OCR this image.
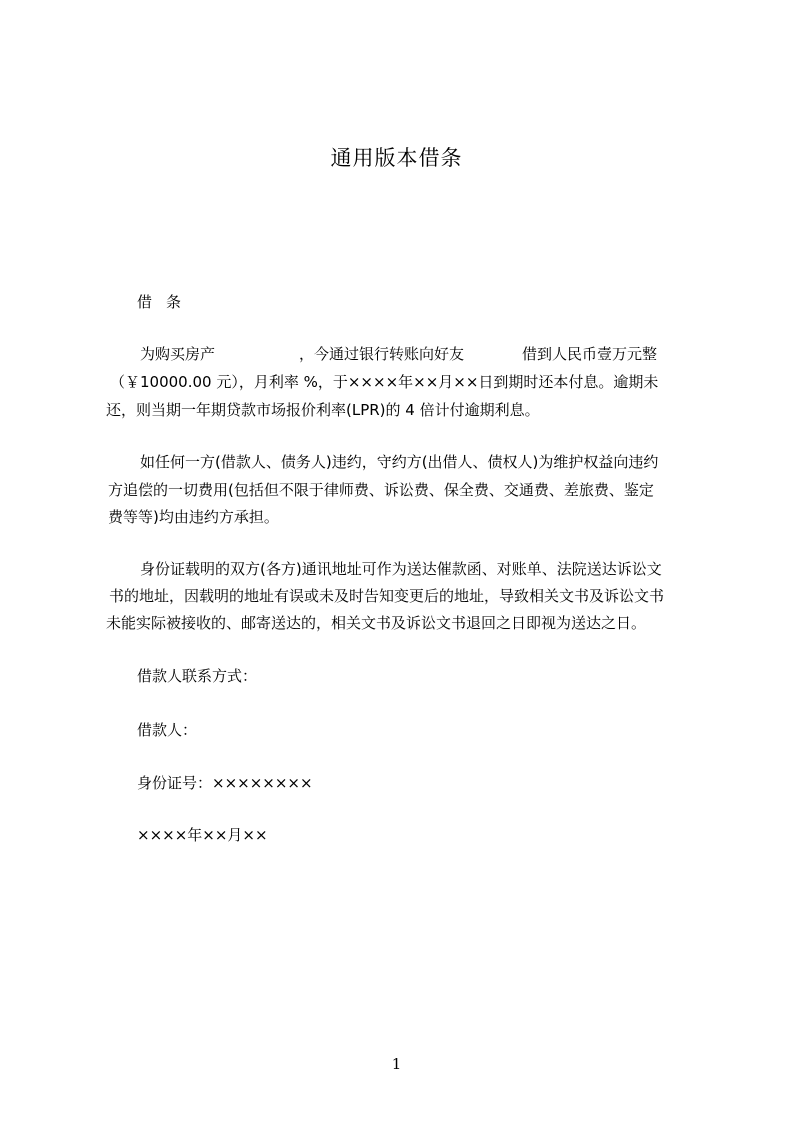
通用版本借条
借条
为购买房产	，今通过银行转账向好友	借到人民币壹万元整
（￥10000.00 元），月利率 %，于××××年××月××日到期时还本付息。逾期未
还，则当期一年期贷款市场报价利率(LPR)的 4 倍计付逾期利息。
如任何一方(借款人、债务人)违约，守约方(出借人、债权人)为维护权益向违约
方追偿的一切费用(包括但不限于律师费、诉讼费、保全费、交通费、差旅费、鉴定
费等等)均由违约方承担。
身份证载明的双方(各方)通讯地址可作为送达催款函、对账单、法院送达诉讼文
书的地址，因载明的地址有误或未及时告知变更后的地址，导致相关文书及诉讼文书
未能实际被接收的、邮寄送达的，相关文书及诉讼文书退回之日即视为送达之日。
借款人联系方式：
借款人：
身份证号：××××××××
××××年××月××
1
